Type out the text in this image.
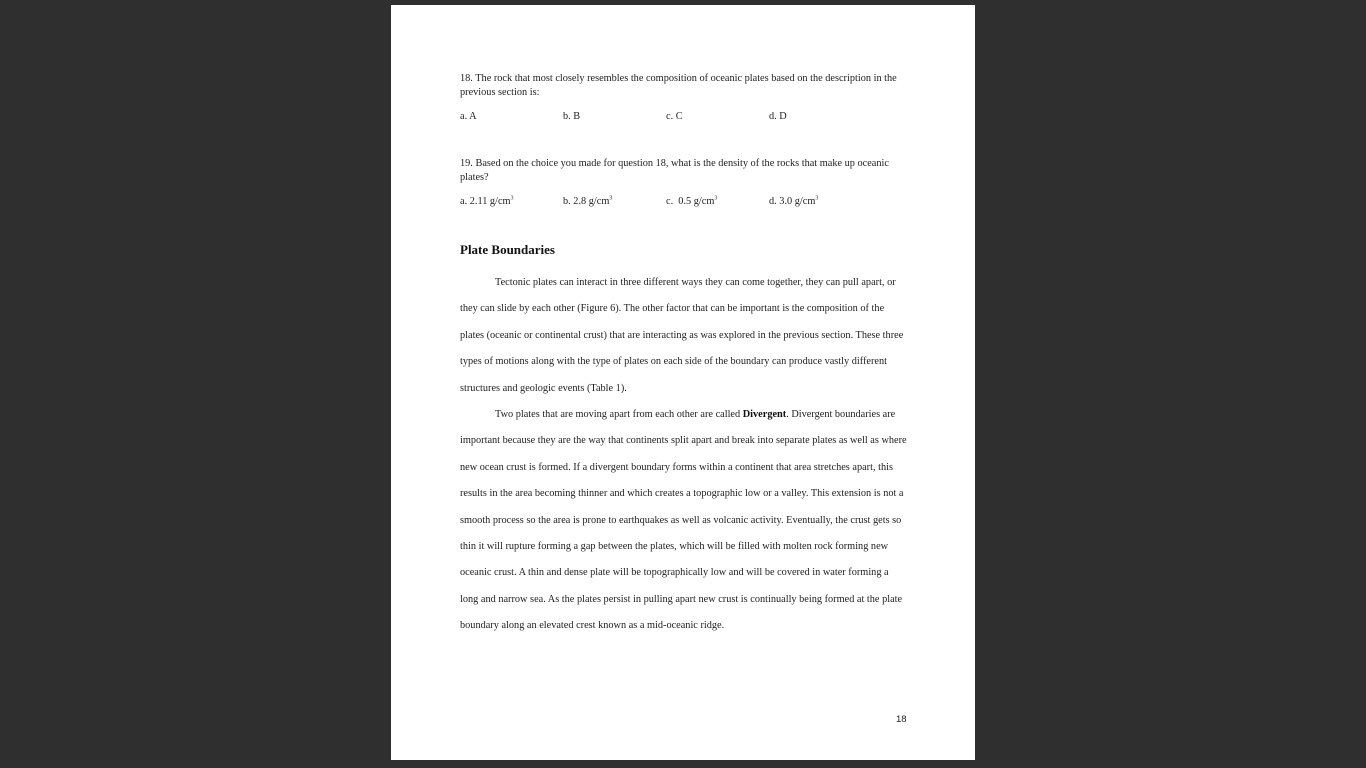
18. The rock that most closely resembles the composition of oceanic plates based on the description in the previous section is:

a. A	b. B	c. C	d. D

19. Based on the choice you made for question 18, what is the density of the rocks that make up oceanic plates?

a. 2.11 $g/cm^3$	b. 2.8 $g/cm^3$	c.  0.5 $g/cm^3$	d. 3.0 $g/cm^3$
Plate Boundaries

Tectonic plates can interact in three different ways they can come together, they can pull apart, or they can slide by each other (Figure 6). The other factor that can be important is the composition of the plates (oceanic or continental crust) that are interacting as was explored in the previous section. These three types of motions along with the type of plates on each side of the boundary can produce vastly different structures and geologic events (Table 1).

Two plates that are moving apart from each other are called Divergent. Divergent boundaries are important because they are the way that continents split apart and break into separate plates as well as where new ocean crust is formed. If a divergent boundary forms within a continent that area stretches apart, this results in the area becoming thinner and which creates a topographic low or a valley. This extension is not a smooth process so the area is prone to earthquakes as well as volcanic activity. Eventually, the crust gets so thin it will rupture forming a gap between the plates, which will be filled with molten rock forming new oceanic crust. A thin and dense plate will be topographically low and will be covered in water forming a long and narrow sea. As the plates persist in pulling apart new crust is continually being formed at the plate boundary along an elevated crest known as a mid-oceanic ridge.

18
